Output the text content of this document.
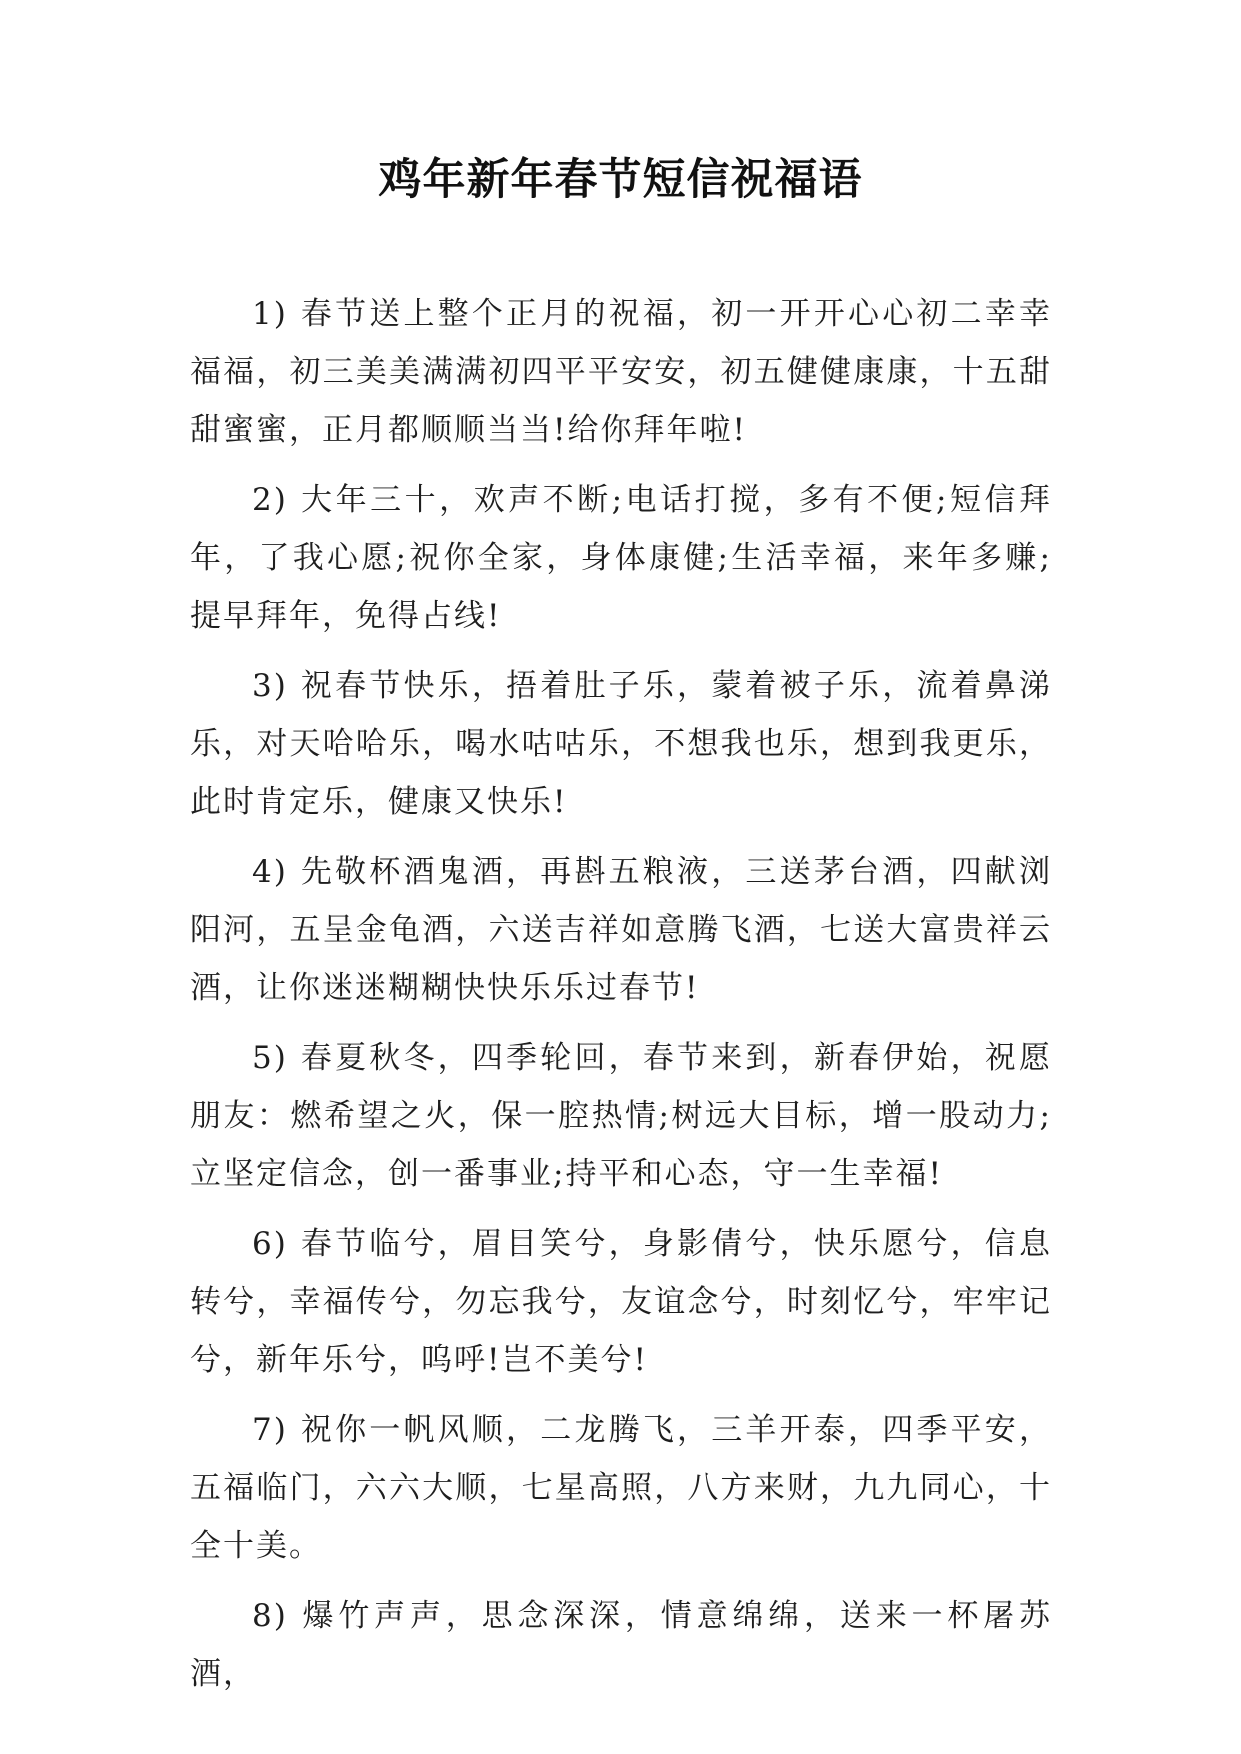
鸡年新年春节短信祝福语

1) 春节送上整个正月的祝福，初一开开心心初二幸幸福福，初三美美满满初四平平安安，初五健健康康，十五甜甜蜜蜜，正月都顺顺当当!给你拜年啦!

2) 大年三十，欢声不断;电话打搅，多有不便;短信拜年，了我心愿;祝你全家，身体康健;生活幸福，来年多赚;提早拜年，免得占线!

3) 祝春节快乐，捂着肚子乐，蒙着被子乐，流着鼻涕乐，对天哈哈乐，喝水咕咕乐，不想我也乐，想到我更乐，此时肯定乐，健康又快乐!

4) 先敬杯酒鬼酒，再斟五粮液，三送茅台酒，四献浏阳河，五呈金龟酒，六送吉祥如意腾飞酒，七送大富贵祥云酒，让你迷迷糊糊快快乐乐过春节!

5) 春夏秋冬，四季轮回，春节来到，新春伊始，祝愿朋友：燃希望之火，保一腔热情;树远大目标，增一股动力;立坚定信念，创一番事业;持平和心态，守一生幸福!

6) 春节临兮，眉目笑兮，身影倩兮，快乐愿兮，信息转兮，幸福传兮，勿忘我兮，友谊念兮，时刻忆兮，牢牢记兮，新年乐兮，呜呼!岂不美兮!

7) 祝你一帆风顺，二龙腾飞，三羊开泰，四季平安，五福临门，六六大顺，七星高照，八方来财，九九同心，十全十美。

8) 爆竹声声，思念深深，情意绵绵，送来一杯屠苏酒，
